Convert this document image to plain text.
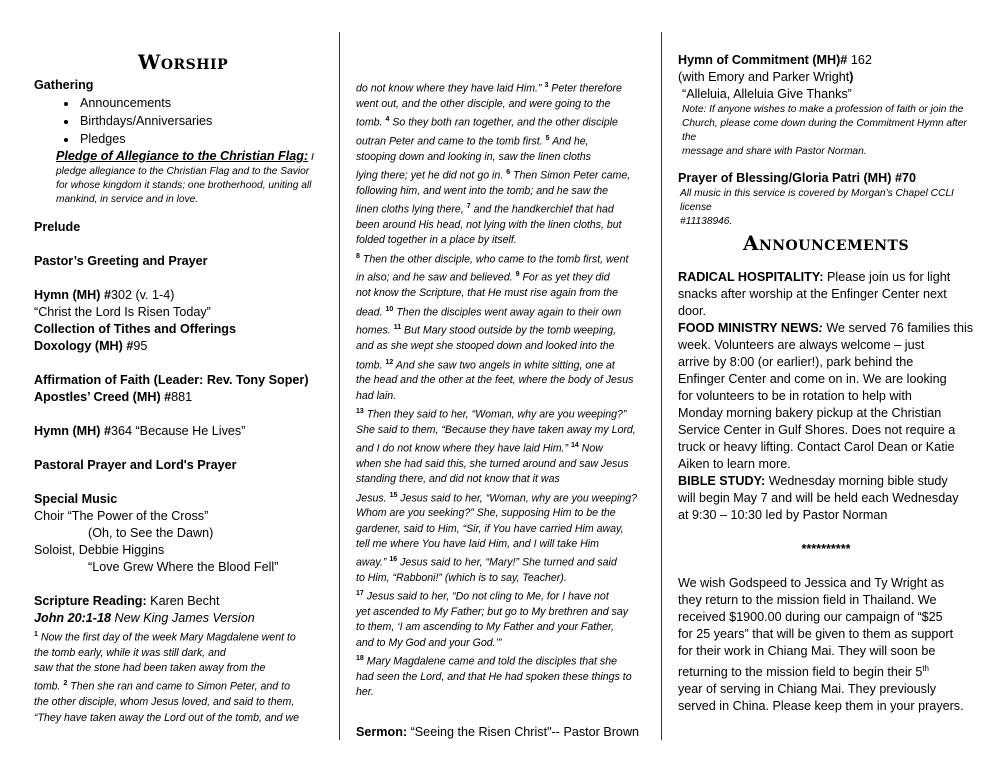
Worship
Gathering
• Announcements
• Birthdays/Anniversaries
• Pledges
Pledge of Allegiance to the Christian Flag: I
pledge allegiance to the Christian Flag and to the Savior
for whose kingdom it stands; one brotherhood, uniting all
mankind, in service and in love.
Prelude
Pastor’s Greeting and Prayer
Hymn (MH) #302 (v. 1-4)
“Christ the Lord Is Risen Today”
Collection of Tithes and Offerings
Doxology (MH) #95
Affirmation of Faith (Leader: Rev. Tony Soper)
Apostles’ Creed (MH) #881
Hymn (MH) #364 “Because He Lives”
Pastoral Prayer and Lord's Prayer
Special Music
Choir “The Power of the Cross”
(Oh, to See the Dawn)
Soloist, Debbie Higgins
“Love Grew Where the Blood Fell”
Scripture Reading: Karen Becht
John 20:1-18 New King James Version
$^1$ Now the first day of the week Mary Magdalene went to
the tomb early, while it was still dark, and
saw that the stone had been taken away from the
tomb. $^2$ Then she ran and came to Simon Peter, and to
the other disciple, whom Jesus loved, and said to them,
“They have taken away the Lord out of the tomb, and we
do not know where they have laid Him.” $^3$ Peter therefore
went out, and the other disciple, and were going to the
tomb. $^4$ So they both ran together, and the other disciple
outran Peter and came to the tomb first. $^5$ And he,
stooping down and looking in, saw the linen cloths
lying there; yet he did not go in. $^6$ Then Simon Peter came,
following him, and went into the tomb; and he saw the
linen cloths lying there, $^7$ and the handkerchief that had
been around His head, not lying with the linen cloths, but
folded together in a place by itself.
$^8$ Then the other disciple, who came to the tomb first, went
in also; and he saw and believed. $^9$ For as yet they did
not know the Scripture, that He must rise again from the
dead. $^{10}$ Then the disciples went away again to their own
homes. $^{11}$ But Mary stood outside by the tomb weeping,
and as she wept she stooped down and looked into the
tomb. $^{12}$ And she saw two angels in white sitting, one at
the head and the other at the feet, where the body of Jesus
had lain.
$^{13}$ Then they said to her, “Woman, why are you weeping?”
She said to them, “Because they have taken away my Lord,
and I do not know where they have laid Him.” $^{14}$ Now
when she had said this, she turned around and saw Jesus
standing there, and did not know that it was
Jesus. $^{15}$ Jesus said to her, “Woman, why are you weeping?
Whom are you seeking?” She, supposing Him to be the
gardener, said to Him, “Sir, if You have carried Him away,
tell me where You have laid Him, and I will take Him
away.” $^{16}$ Jesus said to her, “Mary!” She turned and said
to Him, “Rabboni!” (which is to say, Teacher).
$^{17}$ Jesus said to her, “Do not cling to Me, for I have not
yet ascended to My Father; but go to My brethren and say
to them, ‘I am ascending to My Father and your Father,
and to My God and your God.’”
$^{18}$ Mary Magdalene came and told the disciples that she
had seen the Lord, and that He had spoken these things to
her.
Sermon: “Seeing the Risen Christ"-- Pastor Brown
Hymn of Commitment (MH)# 162
(with Emory and Parker Wright)
“Alleluia, Alleluia Give Thanks”
Note: If anyone wishes to make a profession of faith or join the
Church, please come down during the Commitment Hymn after the
message and share with Pastor Norman.
Prayer of Blessing/Gloria Patri (MH) #70
All music in this service is covered by Morgan’s Chapel CCLI license
#11138946.
Announcements
RADICAL HOSPITALITY: Please join us for light
snacks after worship at the Enfinger Center next
door.
FOOD MINISTRY NEWS: We served 76 families this
week. Volunteers are always welcome – just
arrive by 8:00 (or earlier!), park behind the
Enfinger Center and come on in. We are looking
for volunteers to be in rotation to help with
Monday morning bakery pickup at the Christian
Service Center in Gulf Shores. Does not require a
truck or heavy lifting. Contact Carol Dean or Katie
Aiken to learn more.
BIBLE STUDY: Wednesday morning bible study
will begin May 7 and will be held each Wednesday
at 9:30 – 10:30 led by Pastor Norman
**********
We wish Godspeed to Jessica and Ty Wright as
they return to the mission field in Thailand. We
received $1900.00 during our campaign of “$25
for 25 years” that will be given to them as support
for their work in Chiang Mai. They will soon be
returning to the mission field to begin their 5th
year of serving in Chiang Mai. They previously
served in China. Please keep them in your prayers.
